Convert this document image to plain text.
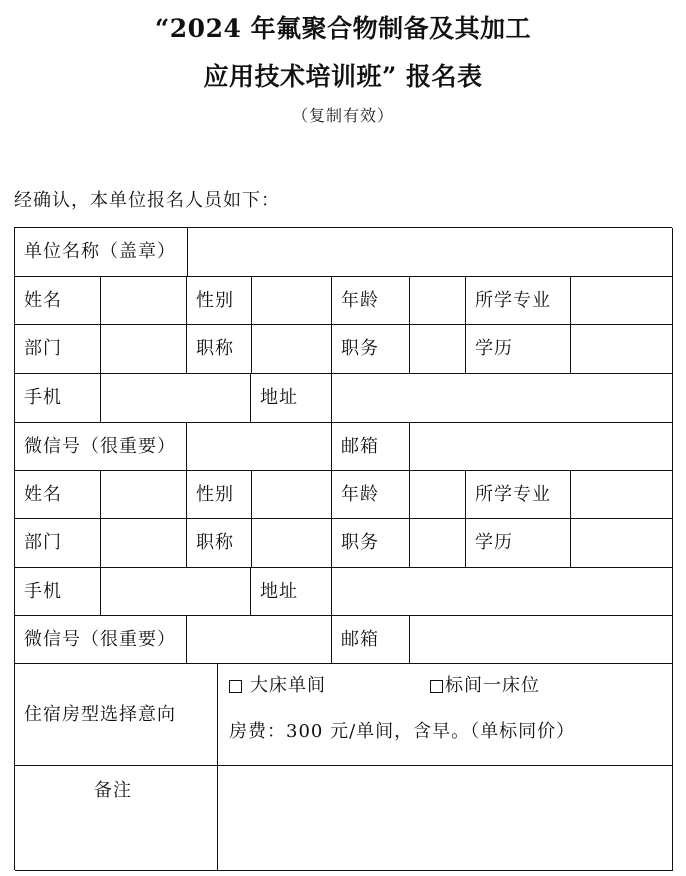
“2024 年氟聚合物制备及其加工
应用技术培训班” 报名表
（复制有效）
经确认，本单位报名人员如下：
单位名称（盖章）
姓名	性别	年龄	所学专业
部门	职称	职务	学历
手机	地址
微信号（很重要）	邮箱
姓名	性别	年龄	所学专业
部门	职称	职务	学历
手机	地址
微信号（很重要）	邮箱
住宿房型选择意向
大床单间	标间一床位
房费：300 元/单间，含早。（单标同价）
备注
